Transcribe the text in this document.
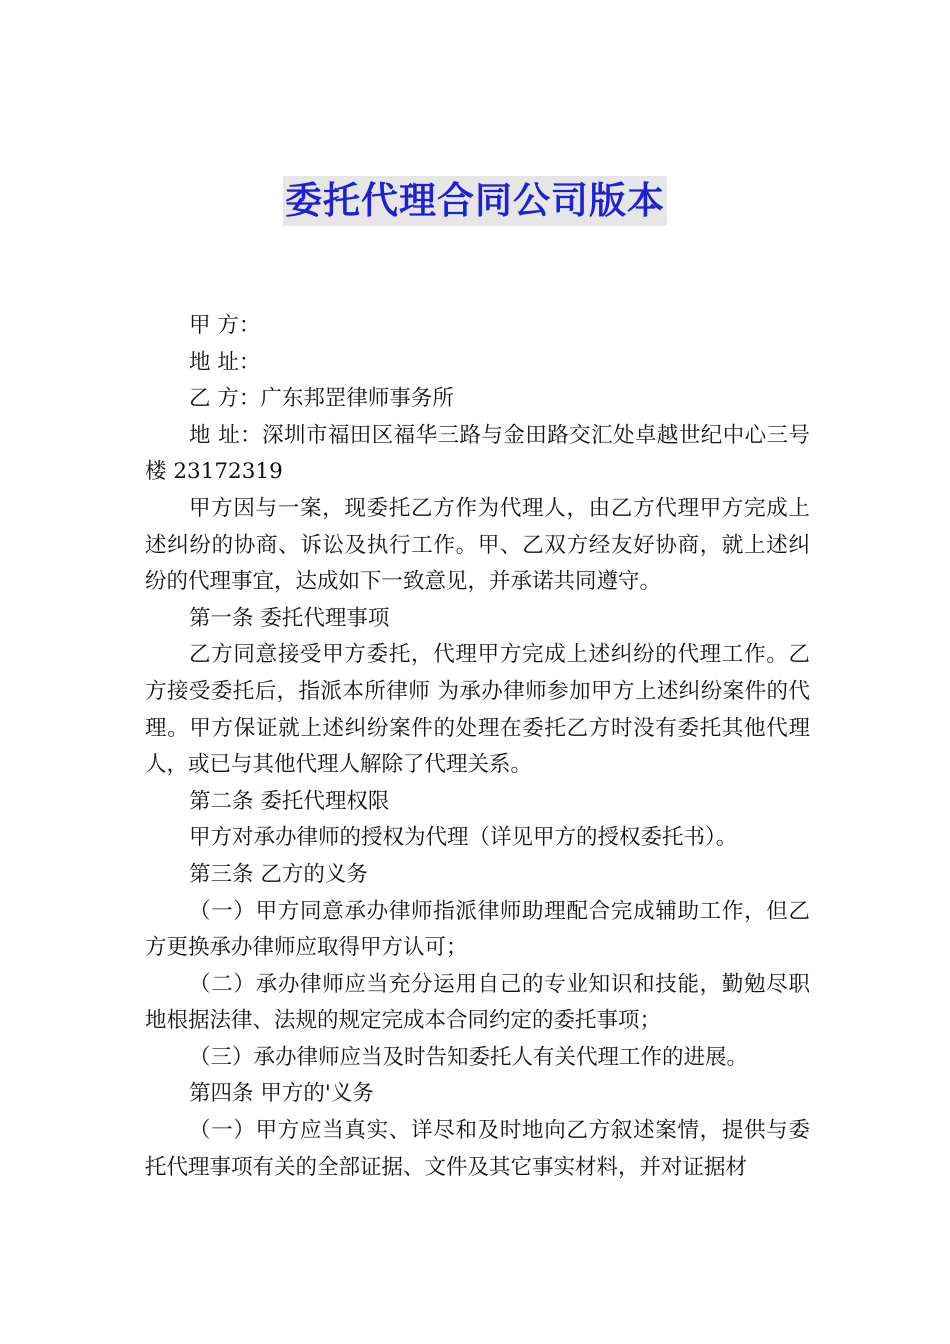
委托代理合同公司版本

甲 方：

地 址：

乙 方：广东邦罡律师事务所

地 址：深圳市福田区福华三路与金田路交汇处卓越世纪中心三号楼 23172319

甲方因与一案，现委托乙方作为代理人，由乙方代理甲方完成上述纠纷的协商、诉讼及执行工作。甲、乙双方经友好协商，就上述纠纷的代理事宜，达成如下一致意见，并承诺共同遵守。

第一条 委托代理事项

乙方同意接受甲方委托，代理甲方完成上述纠纷的代理工作。乙方接受委托后，指派本所律师 为承办律师参加甲方上述纠纷案件的代理。甲方保证就上述纠纷案件的处理在委托乙方时没有委托其他代理人，或已与其他代理人解除了代理关系。

第二条 委托代理权限

甲方对承办律师的授权为代理（详见甲方的授权委托书）。

第三条 乙方的义务

（一）甲方同意承办律师指派律师助理配合完成辅助工作，但乙方更换承办律师应取得甲方认可；

（二）承办律师应当充分运用自己的专业知识和技能，勤勉尽职地根据法律、法规的规定完成本合同约定的委托事项；

（三）承办律师应当及时告知委托人有关代理工作的进展。

第四条 甲方的'义务

（一）甲方应当真实、详尽和及时地向乙方叙述案情，提供与委托代理事项有关的全部证据、文件及其它事实材料，并对证据材
